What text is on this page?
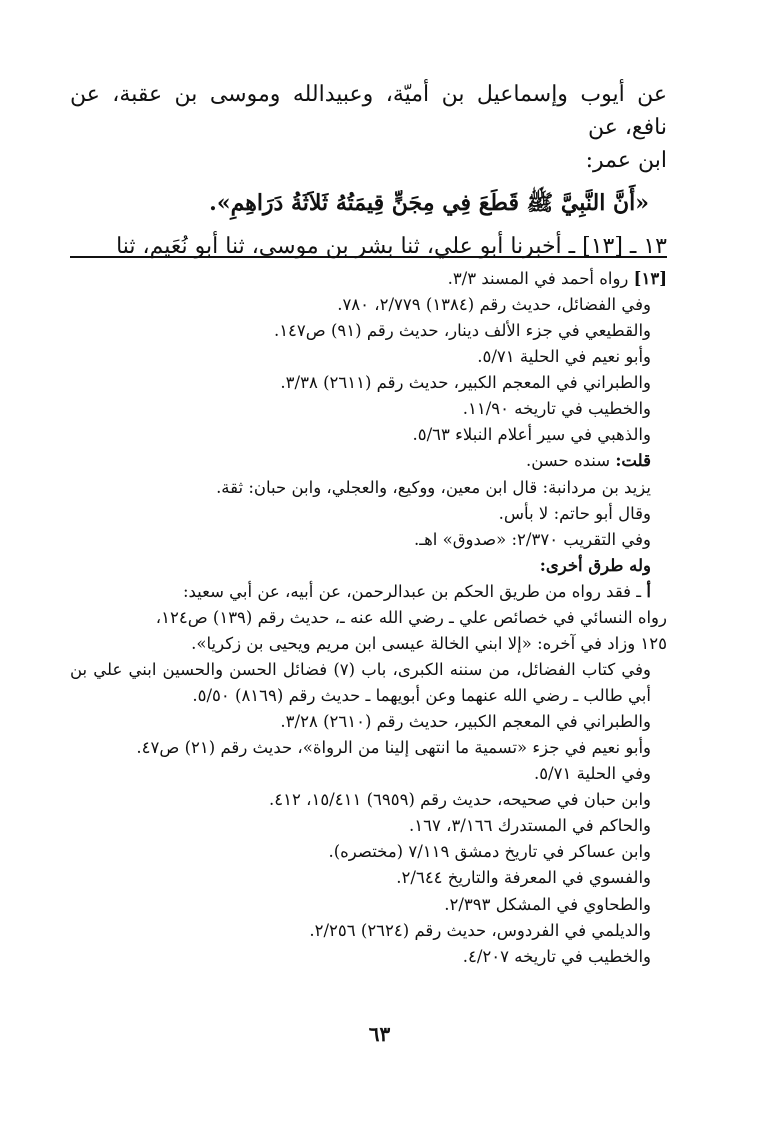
عن أيوب وإسماعيل بن أميّة، وعبيدالله وموسى بن عقبة، عن نافع، عن

ابن عمر:

«أَنَّ النَّبِيَّ ﷺ قَطَعَ فِي مِجَنٍّ قِيمَتُهُ ثَلاَثَةُ دَرَاهِمِ».

١٣ ـ [١٣] ـ أخبرنا أبو علي، ثنا بشر بن موسى، ثنا أبو نُعَيم، ثنا

[١٣] رواه أحمد في المسند ٣/٣.
وفي الفضائل، حديث رقم (١٣٨٤) ٢/٧٧٩، ٧٨٠.
والقطيعي في جزء الألف دينار، حديث رقم (٩١) ص١٤٧.
وأبو نعيم في الحلية ٥/٧١.
والطبراني في المعجم الكبير، حديث رقم (٢٦١١) ٣/٣٨.
والخطيب في تاريخه ١١/٩٠.
والذهبي في سير أعلام النبلاء ٥/٦٣.
قلت: سنده حسن.
يزيد بن مردانبة: قال ابن معين، ووكيع، والعجلي، وابن حبان: ثقة.
وقال أبو حاتم: لا بأس.
وفي التقريب ٢/٣٧٠: «صدوق» اهـ.
وله طرق أخرى:
أ ـ فقد رواه من طريق الحكم بن عبدالرحمن، عن أبيه، عن أبي سعيد:
رواه النسائي في خصائص علي ـ رضي الله عنه ـ، حديث رقم (١٣٩) ص١٢٤،
١٢٥ وزاد في آخره: «إلا ابني الخالة عيسى ابن مريم ويحيى بن زكريا».
وفي كتاب الفضائل، من سننه الكبرى، باب (٧) فضائل الحسن والحسين ابني علي بن أبي طالب ـ رضي الله عنهما وعن أبويهما ـ حديث رقم (٨١٦٩) ٥/٥٠.
والطبراني في المعجم الكبير، حديث رقم (٢٦١٠) ٣/٢٨.
وأبو نعيم في جزء «تسمية ما انتهى إلينا من الرواة»، حديث رقم (٢١) ص٤٧.
وفي الحلية ٥/٧١.
وابن حبان في صحيحه، حديث رقم (٦٩٥٩) ١٥/٤١١، ٤١٢.
والحاكم في المستدرك ٣/١٦٦، ١٦٧.
وابن عساكر في تاريخ دمشق ٧/١١٩ (مختصره).
والفسوي في المعرفة والتاريخ ٢/٦٤٤.
والطحاوي في المشكل ٢/٣٩٣.
والديلمي في الفردوس، حديث رقم (٢٦٢٤) ٢/٢٥٦.
والخطيب في تاريخه ٤/٢٠٧.
٦٣
